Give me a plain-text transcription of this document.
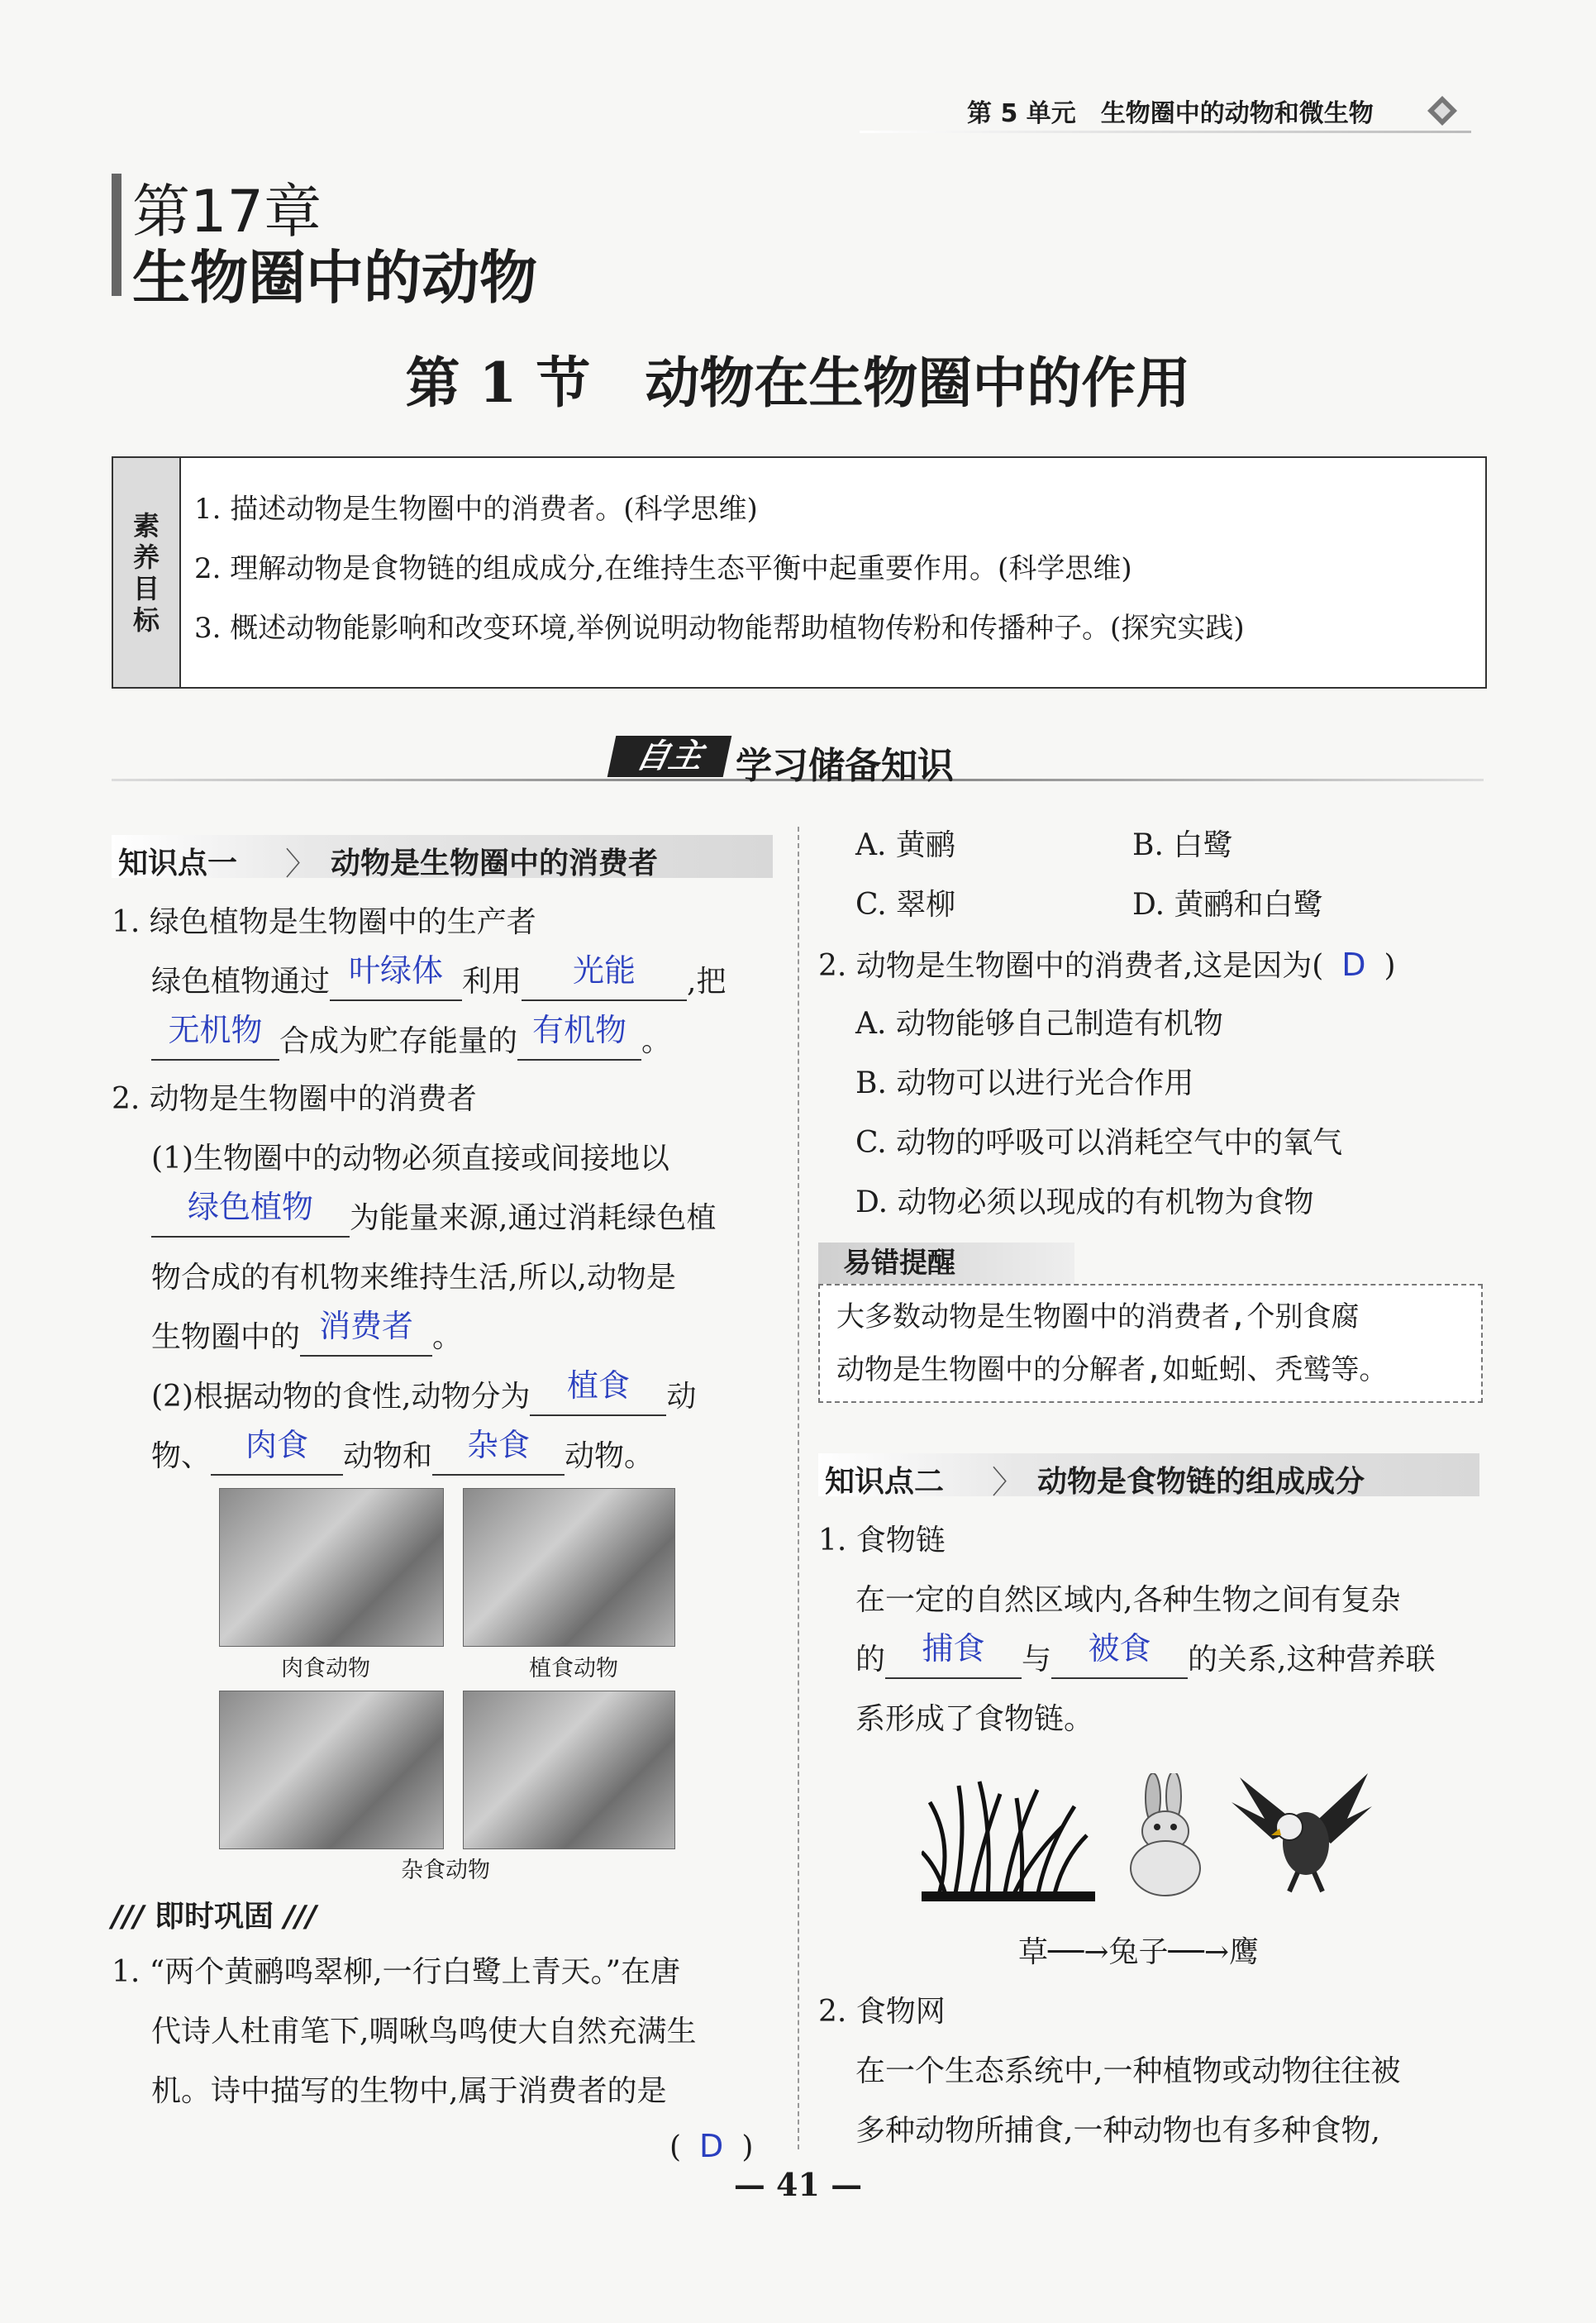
第 5 单元　生物圈中的动物和微生物
第17章
生物圈中的动物
第 1 节　动物在生物圈中的作用
素
养
目
标
1. 描述动物是生物圈中的消费者。(科学思维)
2. 理解动物是食物链的组成成分,在维持生态平衡中起重要作用。(科学思维)
3. 概述动物能影响和改变环境,举例说明动物能帮助植物传粉和传播种子。(探究实践)
自主 学习储备知识
知识点一 〉 动物是生物圈中的消费者
1. 绿色植物是生物圈中的生产者
绿色植物通过 叶绿体 利用 光能 ,把
无机物 合成为贮存能量的 有机物 。
2. 动物是生物圈中的消费者
(1)生物圈中的动物必须直接或间接地以
绿色植物 为能量来源,通过消耗绿色植
物合成的有机物来维持生活,所以,动物是
生物圈中的 消费者 。
(2)根据动物的食性,动物分为 植食 动
物、 肉食 动物和 杂食 动物。
肉食动物	植食动物
杂食动物
/// 即时巩固 ///
1. “两个黄鹂鸣翠柳,一行白鹭上青天。”在唐
代诗人杜甫笔下,啁啾鸟鸣使大自然充满生
机。诗中描写的生物中,属于消费者的是
( D )
A. 黄鹂	B. 白鹭
C. 翠柳	D. 黄鹂和白鹭
2. 动物是生物圈中的消费者,这是因为( D )
A. 动物能够自己制造有机物
B. 动物可以进行光合作用
C. 动物的呼吸可以消耗空气中的氧气
D. 动物必须以现成的有机物为食物
易错提醒
大多数动物是生物圈中的消费者,个别食腐
动物是生物圈中的分解者,如蚯蚓、秃鹫等。
知识点二 〉 动物是食物链的组成成分
1. 食物链
在一定的自然区域内,各种生物之间有复杂
的 捕食 与 被食 的关系,这种营养联
系形成了食物链。
草──→兔子──→鹰
2. 食物网
在一个生态系统中,一种植物或动物往往被
多种动物所捕食,一种动物也有多种食物,
— 41 —
